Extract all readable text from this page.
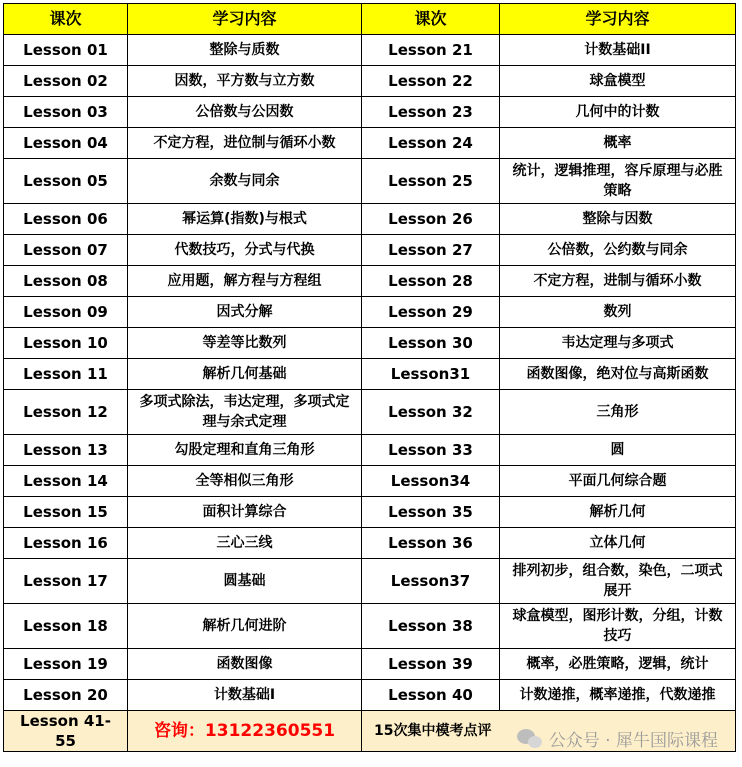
课次	学习内容	课次	学习内容
Lesson 01	整除与质数	Lesson 21	计数基础II
Lesson 02	因数，平方数与立方数	Lesson 22	球盒模型
Lesson 03	公倍数与公因数	Lesson 23	几何中的计数
Lesson 04	不定方程，进位制与循环小数	Lesson 24	概率
Lesson 05	余数与同余	Lesson 25	统计，逻辑推理，容斥原理与必胜策略
Lesson 06	幂运算(指数)与根式	Lesson 26	整除与因数
Lesson 07	代数技巧，分式与代换	Lesson 27	公倍数，公约数与同余
Lesson 08	应用题，解方程与方程组	Lesson 28	不定方程，进制与循环小数
Lesson 09	因式分解	Lesson 29	数列
Lesson 10	等差等比数列	Lesson 30	韦达定理与多项式
Lesson 11	解析几何基础	Lesson31	函数图像，绝对位与高斯函数
Lesson 12	多项式除法，韦达定理，多项式定理与余式定理	Lesson 32	三角形
Lesson 13	勾股定理和直角三角形	Lesson 33	圆
Lesson 14	全等相似三角形	Lesson34	平面几何综合题
Lesson 15	面积计算综合	Lesson 35	解析几何
Lesson 16	三心三线	Lesson 36	立体几何
Lesson 17	圆基础	Lesson37	排列初步，组合数，染色，二项式展开
Lesson 18	解析几何进阶	Lesson 38	球盒模型，图形计数，分组，计数技巧
Lesson 19	函数图像	Lesson 39	概率，必胜策略，逻辑，统计
Lesson 20	计数基础I	Lesson 40	计数递推，概率递推，代数递推
Lesson 41-55	咨询：13122360551	15次集中模考点评		公众号 · 犀牛国际课程
